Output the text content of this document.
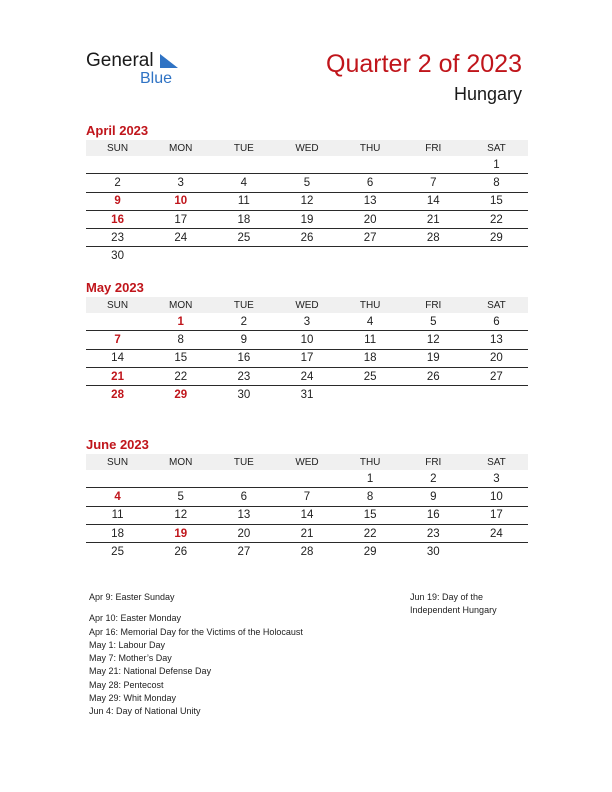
General
Blue
Quarter 2 of 2023
Hungary
April 2023
SUN	MON	TUE	WED	THU	FRI	SAT
						1
2	3	4	5	6	7	8
9	10	11	12	13	14	15
16	17	18	19	20	21	22
23	24	25	26	27	28	29
30						
May 2023
SUN	MON	TUE	WED	THU	FRI	SAT
	1	2	3	4	5	6
7	8	9	10	11	12	13
14	15	16	17	18	19	20
21	22	23	24	25	26	27
28	29	30	31			
June 2023
SUN	MON	TUE	WED	THU	FRI	SAT
				1	2	3
4	5	6	7	8	9	10
11	12	13	14	15	16	17
18	19	20	21	22	23	24
25	26	27	28	29	30	
Apr 9: Easter Sunday
Apr 10: Easter Monday
Apr 16: Memorial Day for the Victims of the Holocaust
May 1: Labour Day
May 7: Mother’s Day
May 21: National Defense Day
May 28: Pentecost
May 29: Whit Monday
Jun 4: Day of National Unity
Jun 19: Day of the
Independent Hungary
